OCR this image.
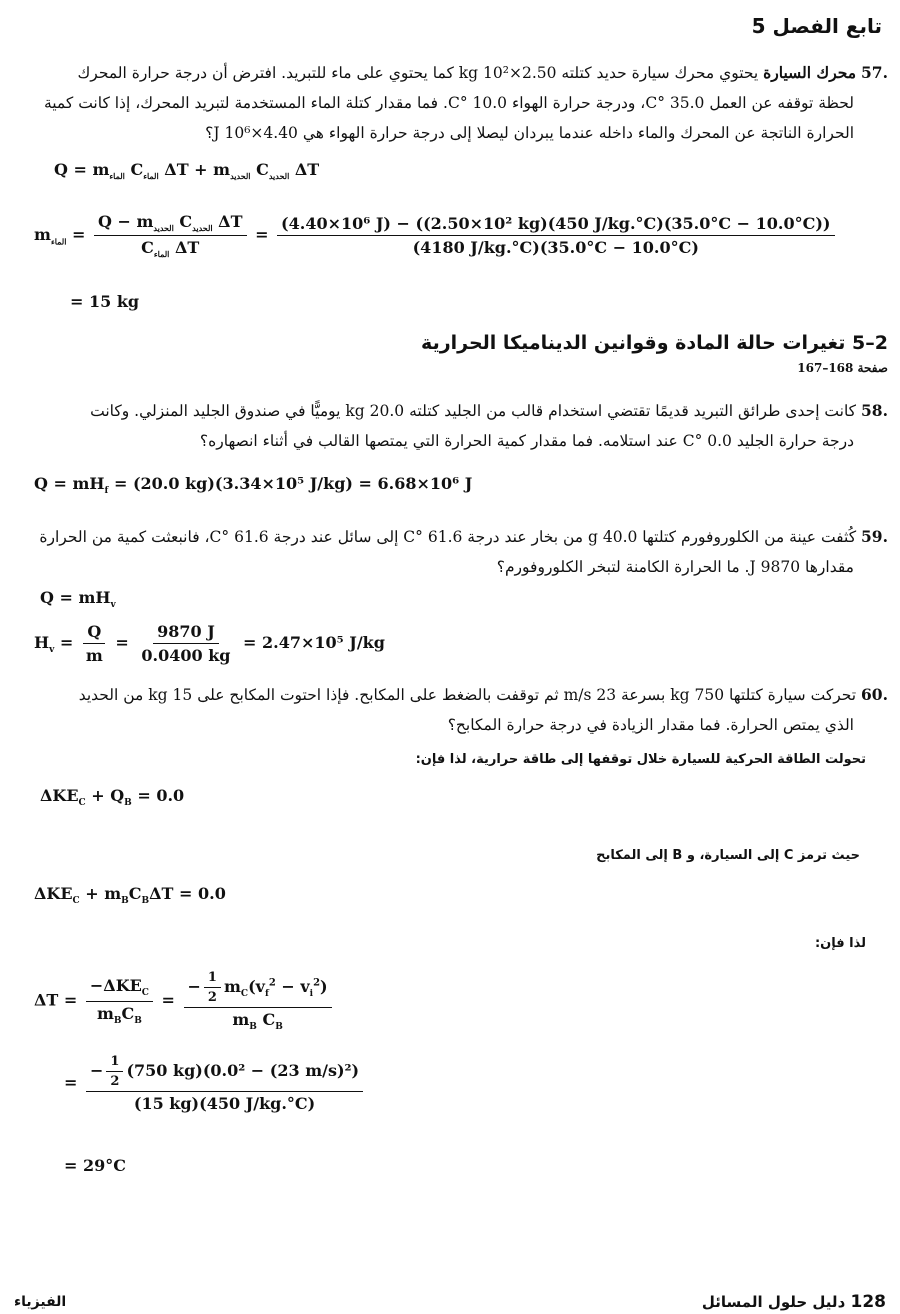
تابع الفصل 5
.57 محرك السيارة يحتوي محرك سيارة حديد كتلته 2.50×10² kg كما يحتوي على ماء للتبريد. افترض أن درجة حرارة المحرك
لحظة توقفه عن العمل 35.0 °C، ودرجة حرارة الهواء 10.0 °C. فما مقدار كتلة الماء المستخدمة لتبريد المحرك، إذا كانت كمية
الحرارة الناتجة عن المحرك والماء داخله عندما يبردان ليصلا إلى درجة حرارة الهواء هي 4.40×10⁶ J؟
$Q = m_{الماء}$ $C_{الماء}$ $\Delta T + m_{الحديد}$ $C_{الحديد}$ ΔT
$m_{الماء} = \frac{Q - m_{الحديد} C_{الحديد} \Delta T}{C_{الماء} \Delta T} = \frac{\text{(4.40×10⁶ J) − ((2.50×10² kg)(450 J/kg.°C)(35.0°C − 10.0°C))}}{(4180 J/kg.^\circ C)(35.0^\circ C - 10.0^\circ C)}$
= 15 kg
2–5 تغيرات حالة المادة وقوانين الديناميكا الحرارية
صفحة 168–167
.58 كانت إحدى طرائق التبريد قديمًا تقتضي استخدام قالب من الجليد كتلته 20.0 kg يوميًّا في صندوق الجليد المنزلي. وكانت
درجة حرارة الجليد 0.0 °C عند استلامه. فما مقدار كمية الحرارة التي يمتصها القالب في أثناء انصهاره؟
$Q = mH_f = (20.0$ kg)(3.34×10⁵ J/kg) = 6.68×10⁶ J
.59 كُثفت عينة من الكلوروفورم كتلتها 40.0 g من بخار عند درجة 61.6 °C إلى سائل عند درجة 61.6 °C، فانبعثت كمية من الحرارة
مقدارها 9870 J. ما الحرارة الكامنة لتبخر الكلوروفورم؟
$Q = mH_v$
$H_v = \frac{Q}{m} = \frac{9870 J}{0.0400 kg} = 2.47\times 10^5$ J/kg
.60 تحركت سيارة كتلتها 750 kg بسرعة 23 m/s ثم توقفت بالضغط على المكابح. فإذا احتوت المكابح على 15 kg من الحديد
الذي يمتص الحرارة. فما مقدار الزيادة في درجة حرارة المكابح؟
تحولت الطاقة الحركية للسيارة خلال توقفها إلى طاقة حرارية، لذا فإن:
$\Delta KE_C + Q_B = 0.0$
حيث ترمز C إلى السيارة، و B إلى المكابح
$\Delta KE_C + m_BC_B\Delta T = 0.0$
لذا فإن:
$\Delta T = \frac{-\Delta KE_C}{m_BC_B} = \frac{- \frac{1}{2} m_C(v_f^2 - v_i^2)}{m_B C_B}$
= $\frac{- \frac{1}{2} (750 kg)(0.0^2 - (23 m/s)^2)}{(15 kg)(450 J/kg.^\circ C)}$
= 29°C
الفيزياء	128 دليل حلول المسائل
